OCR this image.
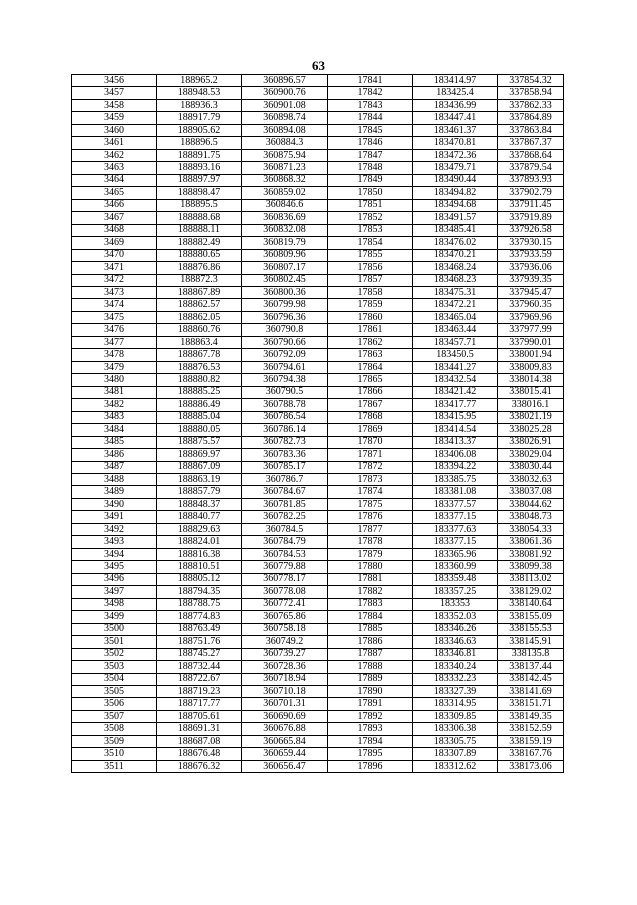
63
3456	188965.2	360896.57	17841	183414.97	337854.32
3457	188948.53	360900.76	17842	183425.4	337858.94
3458	188936.3	360901.08	17843	183436.99	337862.33
3459	188917.79	360898.74	17844	183447.41	337864.89
3460	188905.62	360894.08	17845	183461.37	337863.84
3461	188896.5	360884.3	17846	183470.81	337867.37
3462	188891.75	360875.94	17847	183472.36	337868.64
3463	188893.16	360871.23	17848	183479.71	337879.54
3464	188897.97	360868.32	17849	183490.44	337893.93
3465	188898.47	360859.02	17850	183494.82	337902.79
3466	188895.5	360846.6	17851	183494.68	337911.45
3467	188888.68	360836.69	17852	183491.57	337919.89
3468	188888.11	360832.08	17853	183485.41	337926.58
3469	188882.49	360819.79	17854	183476.02	337930.15
3470	188880.65	360809.96	17855	183470.21	337933.59
3471	188876.86	360807.17	17856	183468.24	337936.06
3472	188872.3	360802.45	17857	183468.23	337939.35
3473	188867.89	360800.36	17858	183475.31	337945.47
3474	188862.57	360799.98	17859	183472.21	337960.35
3475	188862.05	360796.36	17860	183465.04	337969.96
3476	188860.76	360790.8	17861	183463.44	337977.99
3477	188863.4	360790.66	17862	183457.71	337990.01
3478	188867.78	360792.09	17863	183450.5	338001.94
3479	188876.53	360794.61	17864	183441.27	338009.83
3480	188880.82	360794.38	17865	183432.54	338014.38
3481	188885.25	360790.5	17866	183421.42	338015.41
3482	188886.49	360788.78	17867	183417.77	338016.1
3483	188885.04	360786.54	17868	183415.95	338021.19
3484	188880.05	360786.14	17869	183414.54	338025.28
3485	188875.57	360782.73	17870	183413.37	338026.91
3486	188869.97	360783.36	17871	183406.08	338029.04
3487	188867.09	360785.17	17872	183394.22	338030.44
3488	188863.19	360786.7	17873	183385.75	338032.63
3489	188857.79	360784.67	17874	183381.08	338037.08
3490	188848.37	360781.85	17875	183377.57	338044.62
3491	188840.77	360782.25	17876	183377.15	338048.73
3492	188829.63	360784.5	17877	183377.63	338054.33
3493	188824.01	360784.79	17878	183377.15	338061.36
3494	188816.38	360784.53	17879	183365.96	338081.92
3495	188810.51	360779.88	17880	183360.99	338099.38
3496	188805.12	360778.17	17881	183359.48	338113.02
3497	188794.35	360778.08	17882	183357.25	338129.02
3498	188788.75	360772.41	17883	183353	338140.64
3499	188774.83	360765.86	17884	183352.03	338155.09
3500	188763.49	360758.18	17885	183346.26	338155.53
3501	188751.76	360749.2	17886	183346.63	338145.91
3502	188745.27	360739.27	17887	183346.81	338135.8
3503	188732.44	360728.36	17888	183340.24	338137.44
3504	188722.67	360718.94	17889	183332.23	338142.45
3505	188719.23	360710.18	17890	183327.39	338141.69
3506	188717.77	360701.31	17891	183314.95	338151.71
3507	188705.61	360690.69	17892	183309.85	338149.35
3508	188691.31	360676.88	17893	183306.38	338152.59
3509	188687.08	360665.84	17894	183305.75	338159.19
3510	188676.48	360659.44	17895	183307.89	338167.76
3511	188676.32	360656.47	17896	183312.62	338173.06
